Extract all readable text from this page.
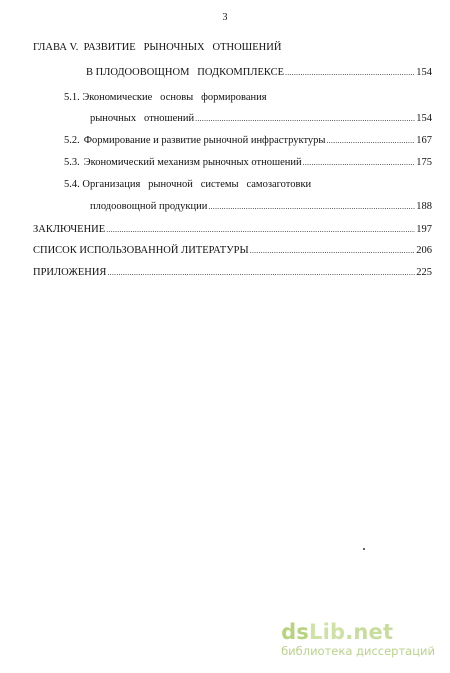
3
ГЛАВА V.  РАЗВИТИЕ   РЫНОЧНЫХ   ОТНОШЕНИЙ
В ПЛОДООВОЩНОМ   ПОДКОМПЛЕКСЕ .....	154
5.1. Экономические   основы   формирования
рыночных   отношений .....	154
5.2. Формирование и развитие рыночной инфраструктуры .....	167
5.3. Экономический механизм рыночных отношений .....	175
5.4. Организация   рыночной   системы   самозаготовки
плодоовощной продукции .....	188
ЗАКЛЮЧЕНИЕ .....	197
СПИСОК ИСПОЛЬЗОВАННОЙ ЛИТЕРАТУРЫ .....	206
ПРИЛОЖЕНИЯ .....	225
dsLib.net
библиотека диссертаций
